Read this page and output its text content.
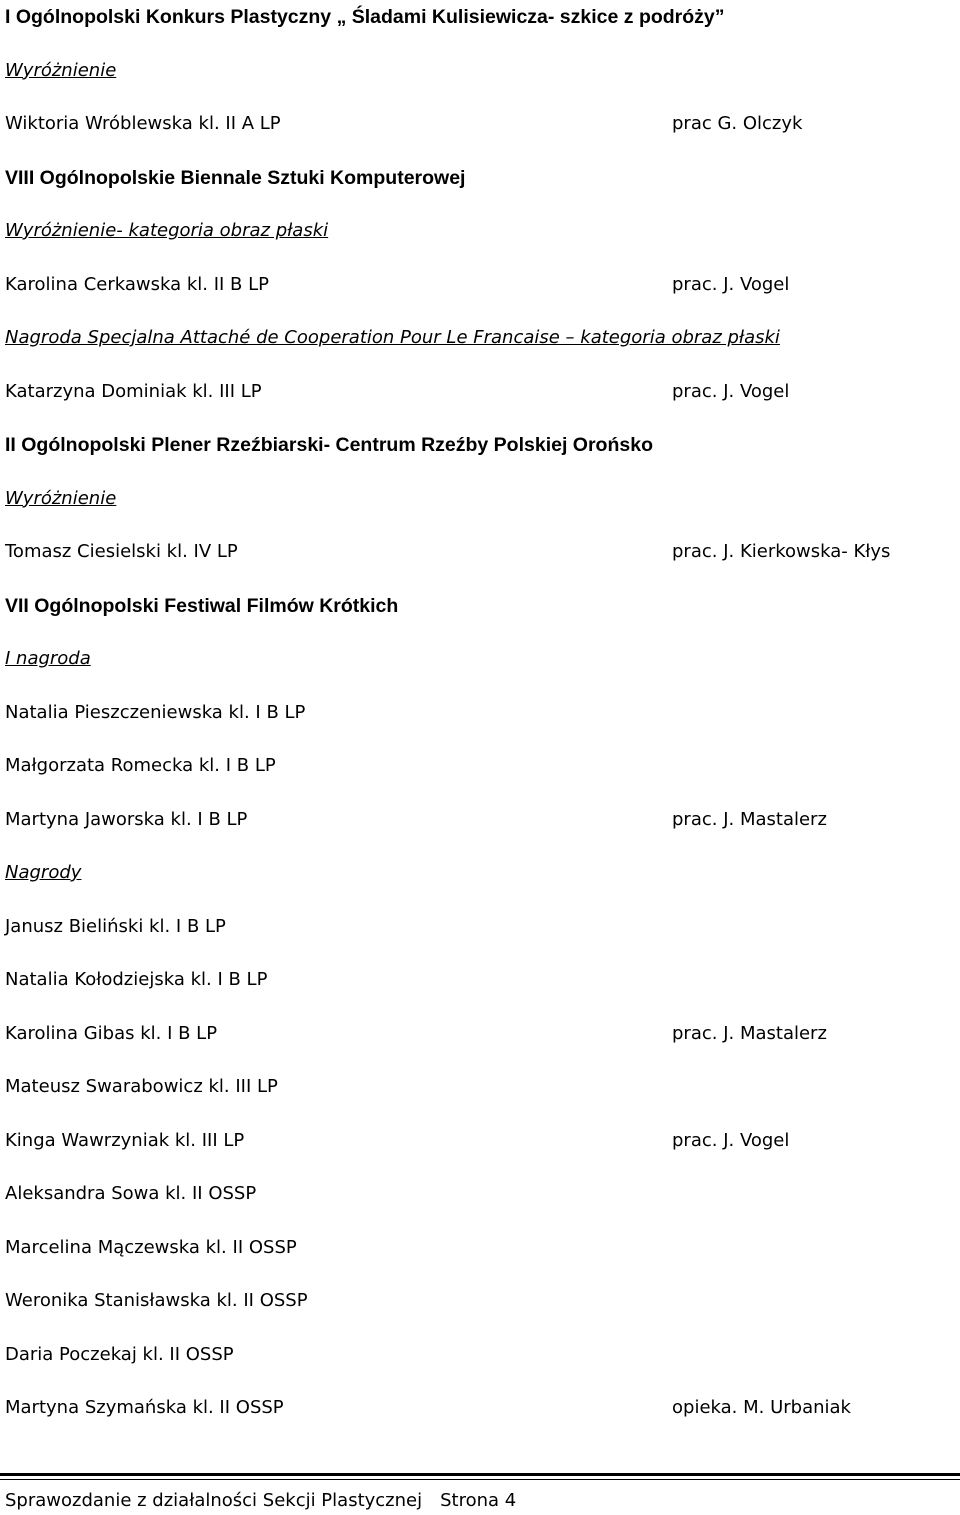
I Ogólnopolski Konkurs Plastyczny „ Śladami Kulisiewicza- szkice z podróży”
Wyróżnienie
Wiktoria Wróblewska kl. II A LP	prac G. Olczyk
VIII Ogólnopolskie Biennale Sztuki Komputerowej
Wyróżnienie- kategoria obraz płaski
Karolina Cerkawska kl. II B LP	prac. J. Vogel
Nagroda Specjalna Attaché de Cooperation Pour Le Francaise – kategoria obraz płaski
Katarzyna Dominiak kl. III LP	prac. J. Vogel
II Ogólnopolski Plener Rzeźbiarski- Centrum Rzeźby Polskiej Orońsko
Wyróżnienie
Tomasz Ciesielski kl. IV LP	prac. J. Kierkowska- Kłys
VII Ogólnopolski Festiwal Filmów Krótkich
I nagroda
Natalia Pieszczeniewska kl. I B LP
Małgorzata Romecka kl. I B LP
Martyna Jaworska kl. I B LP	prac. J. Mastalerz
Nagrody
Janusz Bieliński kl. I B LP
Natalia Kołodziejska kl. I B LP
Karolina Gibas kl. I B LP	prac. J. Mastalerz
Mateusz Swarabowicz kl. III LP
Kinga Wawrzyniak kl. III LP	prac. J. Vogel
Aleksandra Sowa kl. II OSSP
Marcelina Mączewska kl. II OSSP
Weronika Stanisławska kl. II OSSP
Daria Poczekaj kl. II OSSP
Martyna Szymańska kl. II OSSP	opieka. M. Urbaniak
Sprawozdanie z działalności Sekcji Plastycznej Strona 4
